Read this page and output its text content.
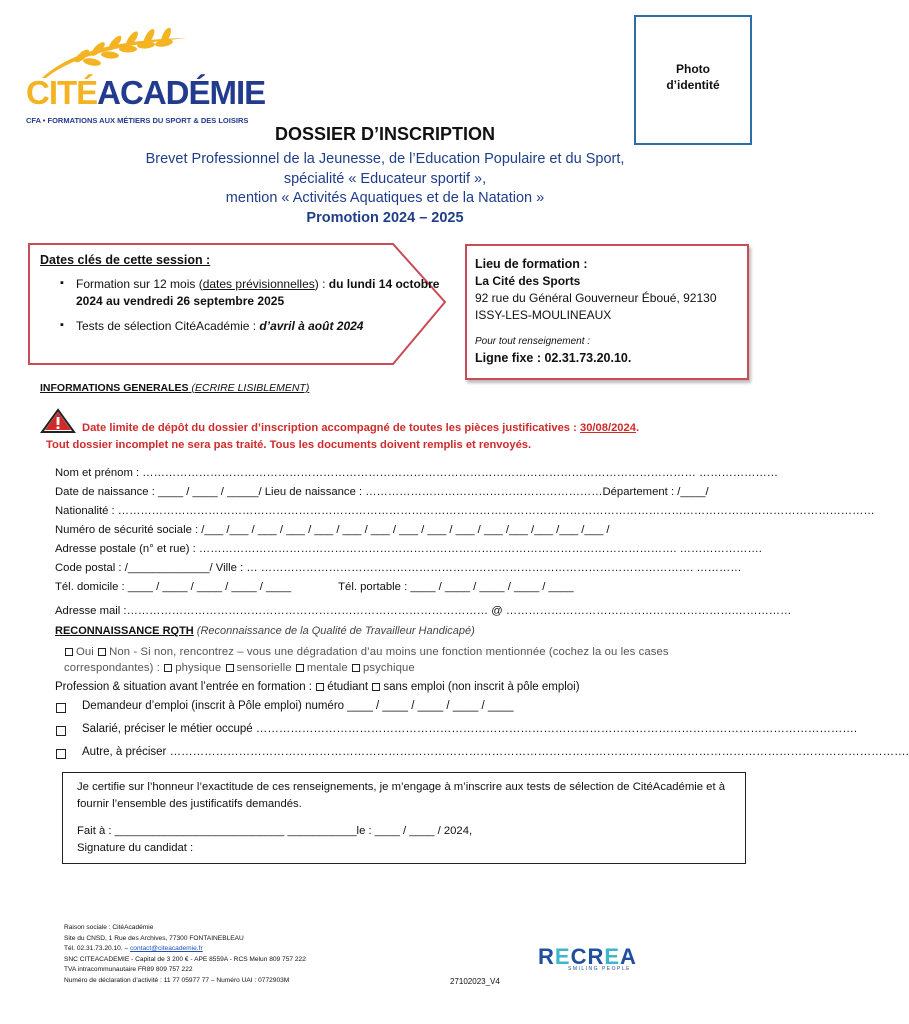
CITÉACADÉMIE
CFA • FORMATIONS AUX MÉTIERS DU SPORT & DES LOISIRS
Photo
d’identité
DOSSIER D’INSCRIPTION
Brevet Professionnel de la Jeunesse, de l’Education Populaire et du Sport,
spécialité « Educateur sportif »,
mention « Activités Aquatiques et de la Natation »
Promotion 2024 – 2025
Dates clés de cette session :
▪ Formation sur 12 mois (dates prévisionnelles) : du lundi 14 octobre 2024 au vendredi 26 septembre 2025
▪ Tests de sélection CitéAcadémie : d’avril à août 2024
Lieu de formation :
La Cité des Sports
92 rue du Général Gouverneur Éboué, 92130
ISSY-LES-MOULINEAUX
Pour tout renseignement :
Ligne fixe : 02.31.73.20.10.
INFORMATIONS GENERALES (ECRIRE LISIBLEMENT)
Date limite de dépôt du dossier d’inscription accompagné de toutes les pièces justificatives : 30/08/2024.
Tout dossier incomplet ne sera pas traité. Tous les documents doivent remplis et renvoyés.
Nom et prénom : ………………………………………………………………………………………………………………………………… …………………
Date de naissance : ____ / ____ / _____/ Lieu de naissance : ………………………………………………………Département : /____/
Nationalité : …………………………………………………………………………………………………………………………………………………………………………………
Numéro de sécurité sociale : /___ /___ / ___ / ___ / ___ / ___ / ___ / ___ / ___ / ___ / ___ /___ /___ /___ /___ /
Adresse postale (n° et rue) : ………………………………………………………………………………………………………………. ………………….
Code postal : /_____________/ Ville : … ……………………………………………………………………………………………………. …………
Tél. domicile : ____ / ____ / ____ / ____ / ____	Tél. portable : ____ / ____ / ____ / ____ / ____
Adresse mail :…………………………………………………………………………………… @ …………………………………………………….……………
RECONNAISSANCE RQTH (Reconnaissance de la Qualité de Travailleur Handicapé)
Oui Non - Si non, rencontrez – vous une dégradation d’au moins une fonction mentionnée (cochez la ou les cases correspondantes) : physique sensorielle mentale psychique
Profession & situation avant l’entrée en formation : étudiant sans emploi (non inscrit à pôle emploi)
Demandeur d’emploi (inscrit à Pôle emploi) numéro ____ / ____ / ____ / ____ / ____
Salarié, préciser le métier occupé ………………………………………………………………………………………………………………………………………….
Autre, à préciser ………………………………………………………………………………………………………………………………………………………………………….
Je certifie sur l’honneur l’exactitude de ces renseignements, je m’engage à m’inscrire aux tests de sélection de CitéAcadémie et à fournir l’ensemble des justificatifs demandés.
Fait à : ___________________________ ___________le : ____ / ____ / 2024,
Signature du candidat :
Raison sociale : CitéAcadémie
Site du CNSD, 1 Rue des Archives, 77300 FONTAINEBLEAU
Tél. 02.31.73.20.10. – contact@citeacademie.fr
SNC CITEACADEMIE - Capital de 3 200 € - APE 8559A - RCS Melun 809 757 222
TVA intracommunautaire FR89 809 757 222
Numéro de déclaration d’activité : 11 77 05977 77 – Numéro UAI : 0772903M
RECREA
SMILING PEOPLE
27102023_V4
